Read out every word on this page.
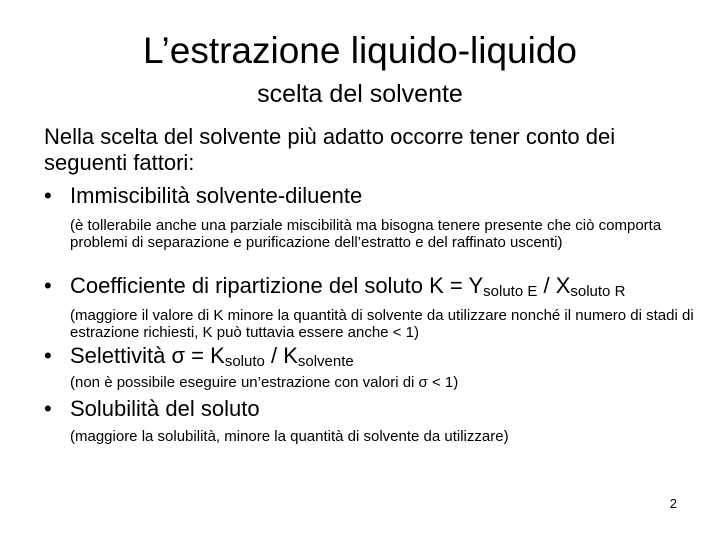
L’estrazione liquido-liquido
scelta del solvente
Nella scelta del solvente più adatto occorre tener conto dei seguenti fattori:
• Immiscibilità solvente-diluente
(è tollerabile anche una parziale miscibilità ma bisogna tenere presente che ciò comporta problemi di separazione e purificazione dell’estratto e del raffinato uscenti)
• Coefficiente di ripartizione del soluto $K = Y_{soluto E} / X_{soluto R}$
(maggiore il valore di K minore la quantità di solvente da utilizzare nonché il numero di stadi di estrazione richiesti, K può tuttavia essere anche < 1)
• Selettività $\sigma = K_{soluto} / K_{solvente}$
(non è possibile eseguire un’estrazione con valori di σ < 1)
• Solubilità del soluto
(maggiore la solubilità, minore la quantità di solvente da utilizzare)
2
